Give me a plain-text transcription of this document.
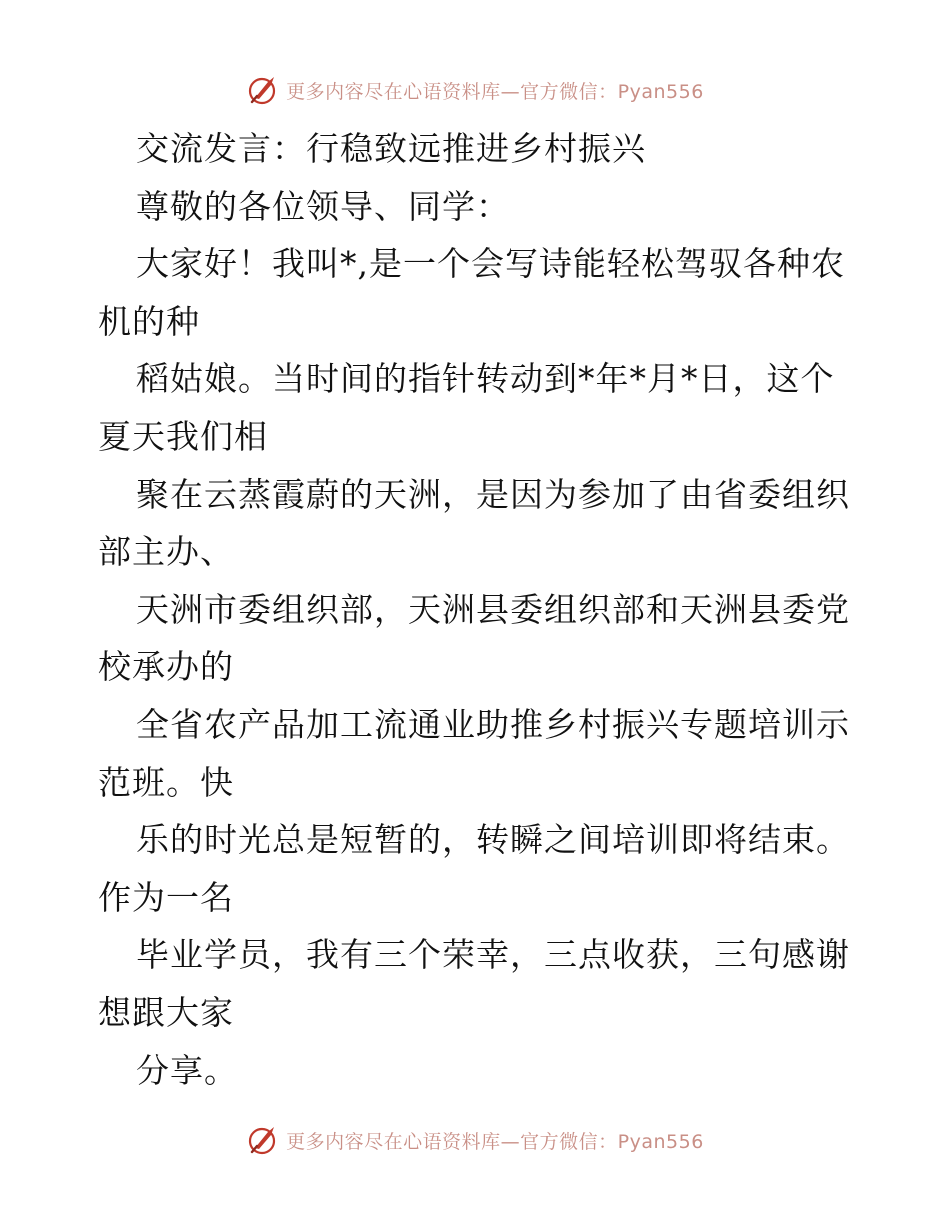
更多内容尽在心语资料库—官方微信：Pyan556
交流发言：行稳致远推进乡村振兴
尊敬的各位领导、同学：
大家好！我叫*,是一个会写诗能轻松驾驭各种农
机的种
稻姑娘。当时间的指针转动到*年*月*日，这个
夏天我们相
聚在云蒸霞蔚的天洲，是因为参加了由省委组织
部主办、
天洲市委组织部，天洲县委组织部和天洲县委党
校承办的
全省农产品加工流通业助推乡村振兴专题培训示
范班。快
乐的时光总是短暂的，转瞬之间培训即将结束。
作为一名
毕业学员，我有三个荣幸，三点收获，三句感谢
想跟大家
分享。
更多内容尽在心语资料库—官方微信：Pyan556
